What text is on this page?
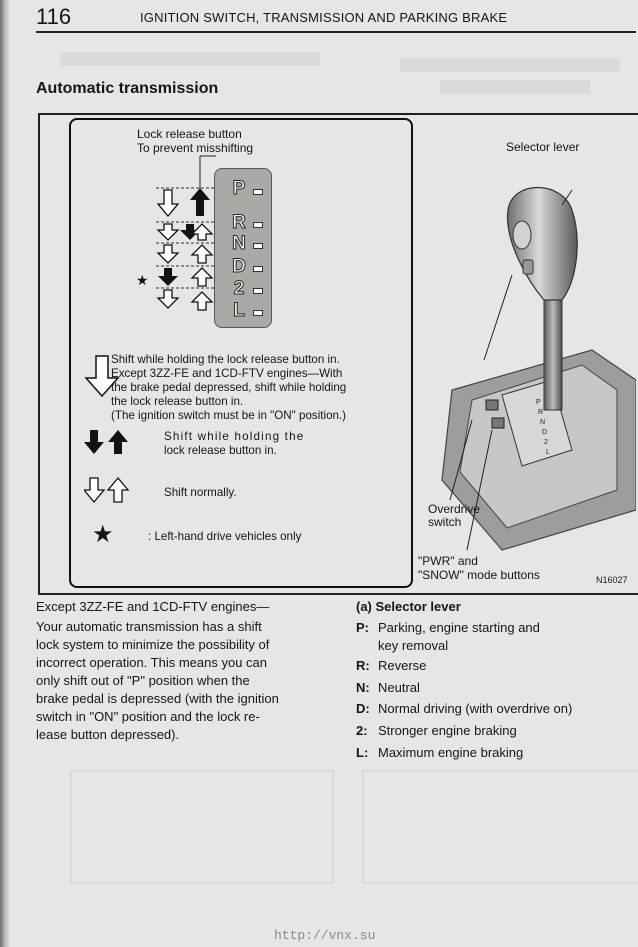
116	IGNITION SWITCH, TRANSMISSION AND PARKING BRAKE
Automatic transmission
Lock release button
To prevent misshifting
P
R
N
D
2
L
★
★
Shift while holding the lock release button in.
Except 3ZZ-FE and 1CD-FTV engines—With
the brake pedal depressed, shift while holding
the lock release button in.
(The ignition switch must be in "ON" position.)
Shift while holding the
lock release button in.
Shift normally.
: Left-hand drive vehicles only
P
R
N
D
2
L
Selector lever
Overdrive
switch
"PWR" and
"SNOW" mode buttons	N16027
Except 3ZZ-FE and 1CD-FTV engines—
Your automatic transmission has a shift
lock system to minimize the possibility of
incorrect operation. This means you can
only shift out of "P" position when the
brake pedal is depressed (with the ignition
switch in "ON" position and the lock re-
lease button depressed).
(a) Selector lever
P: Parking, engine starting and
key removal
R: Reverse
N: Neutral
D: Normal driving (with overdrive on)
2: Stronger engine braking
L: Maximum engine braking
http://vnx.su
